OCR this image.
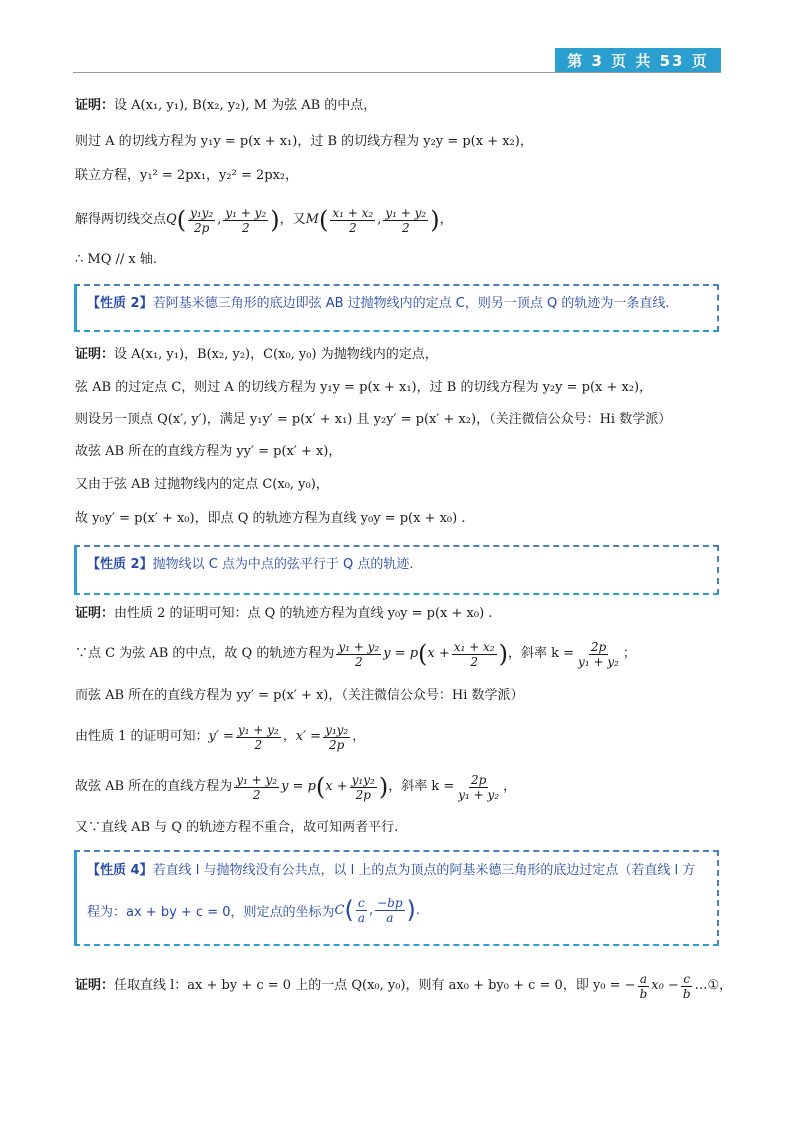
第 3 页 共 53 页
证明：设 A(x₁, y₁), B(x₂, y₂), M 为弦 AB 的中点，
则过 A 的切线方程为 y₁y = p(x + x₁)，过 B 的切线方程为 y₂y = p(x + x₂)，
联立方程，y₁² = 2px₁，y₂² = 2px₂，
解得两切线交点 Q ( $\frac{\text{y₁y₂}}{2p}$ , $\frac{\text{y₁ + y₂}}{2}$ ) ，又 M ( $\frac{\text{x₁ + x₂}}{2}$ , $\frac{\text{y₁ + y₂}}{2}$ ) ，
∴ MQ // x 轴.
【性质 2】若阿基米德三角形的底边即弦 AB 过抛物线内的定点 C，则另一顶点 Q 的轨迹为一条直线.
证明：设 A(x₁, y₁)，B(x₂, y₂)，C(x₀, y₀) 为抛物线内的定点，
弦 AB 的过定点 C，则过 A 的切线方程为 y₁y = p(x + x₁)，过 B 的切线方程为 y₂y = p(x + x₂)，
则设另一顶点 Q(x′, y′)，满足 y₁y′ = p(x′ + x₁) 且 y₂y′ = p(x′ + x₂)，（关注微信公众号：Hi 数学派）
故弦 AB 所在的直线方程为 yy′ = p(x′ + x)，
又由于弦 AB 过抛物线内的定点 C(x₀, y₀)，
故 y₀y′ = p(x′ + x₀)，即点 Q 的轨迹方程为直线 y₀y = p(x + x₀) .
【性质 2】抛物线以 C 点为中点的弦平行于 Q 点的轨迹.
证明：由性质 2 的证明可知：点 Q 的轨迹方程为直线 y₀y = p(x + x₀) .
∵点 C 为弦 AB 的中点，故 Q 的轨迹方程为 $\frac{\text{y₁ + y₂}}{2}$ y = p ( $x + \frac{\text{x₁ + x₂}}{2}$ ) ，斜率 $k = \frac{2p}{\text{y₁ + y₂}}$ ；
而弦 AB 所在的直线方程为 yy′ = p(x′ + x)，（关注微信公众号：Hi 数学派）
由性质 1 的证明可知： $y' = \frac{\text{y₁ + y₂}}{2}$ ，$x' = \frac{\text{y₁y₂}}{2p}$ ，
故弦 AB 所在的直线方程为 $\frac{\text{y₁ + y₂}}{2}$ y = p ( $x + \frac{\text{y₁y₂}}{2p}$ ) ，斜率 $k = \frac{2p}{\text{y₁ + y₂}}$ ，
又∵直线 AB 与 Q 的轨迹方程不重合，故可知两者平行.
【性质 4】若直线 l 与抛物线没有公共点，以 l 上的点为顶点的阿基米德三角形的底边过定点（若直线 l 方
程为：ax + by + c = 0，则定点的坐标为 C ( $\frac{c}{a}$ , $\frac{-bp}{a}$ ) .
证明： 任取直线 l：ax + by + c = 0 上的一点 Q(x₀, y₀)，则有 ax₀ + by₀ + c = 0，即 y₀ = − $\frac{a}{b} x_0 - \frac{c}{b}$ …①，
